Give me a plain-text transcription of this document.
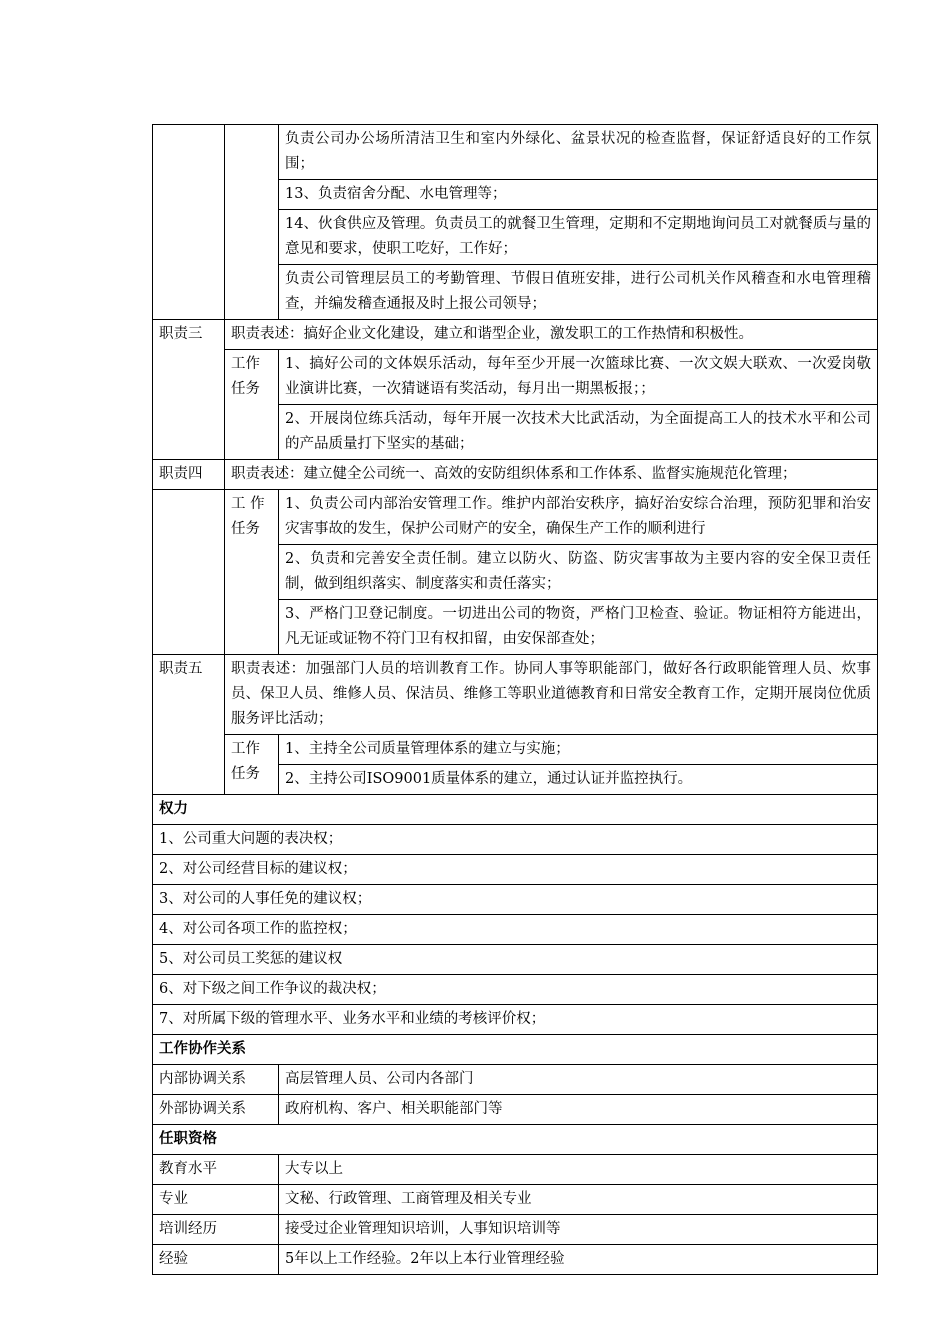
		负责公司办公场所清洁卫生和室内外绿化、盆景状况的检查监督，保证舒适良好的工作氛围；
		13、负责宿舍分配、水电管理等；
		14、伙食供应及管理。负责员工的就餐卫生管理，定期和不定期地询问员工对就餐质与量的意见和要求，使职工吃好，工作好；
		负责公司管理层员工的考勤管理、节假日值班安排，进行公司机关作风稽查和水电管理稽查，并编发稽查通报及时上报公司领导；
职责三	职责表述：搞好企业文化建设，建立和谐型企业，激发职工的工作热情和积极性。	
	工作任务	1、搞好公司的文体娱乐活动，每年至少开展一次篮球比赛、一次文娱大联欢、一次爱岗敬业演讲比赛，一次猜谜语有奖活动，每月出一期黑板报；；
		2、开展岗位练兵活动，每年开展一次技术大比武活动，为全面提高工人的技术水平和公司的产品质量打下坚实的基础；
职责四	职责表述：建立健全公司统一、高效的安防组织体系和工作体系、监督实施规范化管理；	
	工 作任务	1、负责公司内部治安管理工作。维护内部治安秩序，搞好治安综合治理，预防犯罪和治安灾害事故的发生，保护公司财产的安全，确保生产工作的顺利进行
		2、负责和完善安全责任制。建立以防火、防盗、防灾害事故为主要内容的安全保卫责任制，做到组织落实、制度落实和责任落实；
		3、严格门卫登记制度。一切进出公司的物资，严格门卫检查、验证。物证相符方能进出，凡无证或证物不符门卫有权扣留，由安保部查处；
职责五	职责表述：加强部门人员的培训教育工作。协同人事等职能部门，做好各行政职能管理人员、炊事员、保卫人员、维修人员、保洁员、维修工等职业道德教育和日常安全教育工作，定期开展岗位优质服务评比活动；	
	工作任务	1、主持全公司质量管理体系的建立与实施；
		2、主持公司ISO9001质量体系的建立，通过认证并监控执行。
权力		
1、公司重大问题的表决权；		
2、对公司经营目标的建议权；		
3、对公司的人事任免的建议权；		
4、对公司各项工作的监控权；		
5、对公司员工奖惩的建议权		
6、对下级之间工作争议的裁决权；		
7、对所属下级的管理水平、业务水平和业绩的考核评价权；		
工作协作关系		
内部协调关系		高层管理人员、公司内各部门
外部协调关系		政府机构、客户、相关职能部门等
任职资格		
教育水平		大专以上
专业		文秘、行政管理、工商管理及相关专业
培训经历		接受过企业管理知识培训，人事知识培训等
经验		5年以上工作经验。2年以上本行业管理经验
